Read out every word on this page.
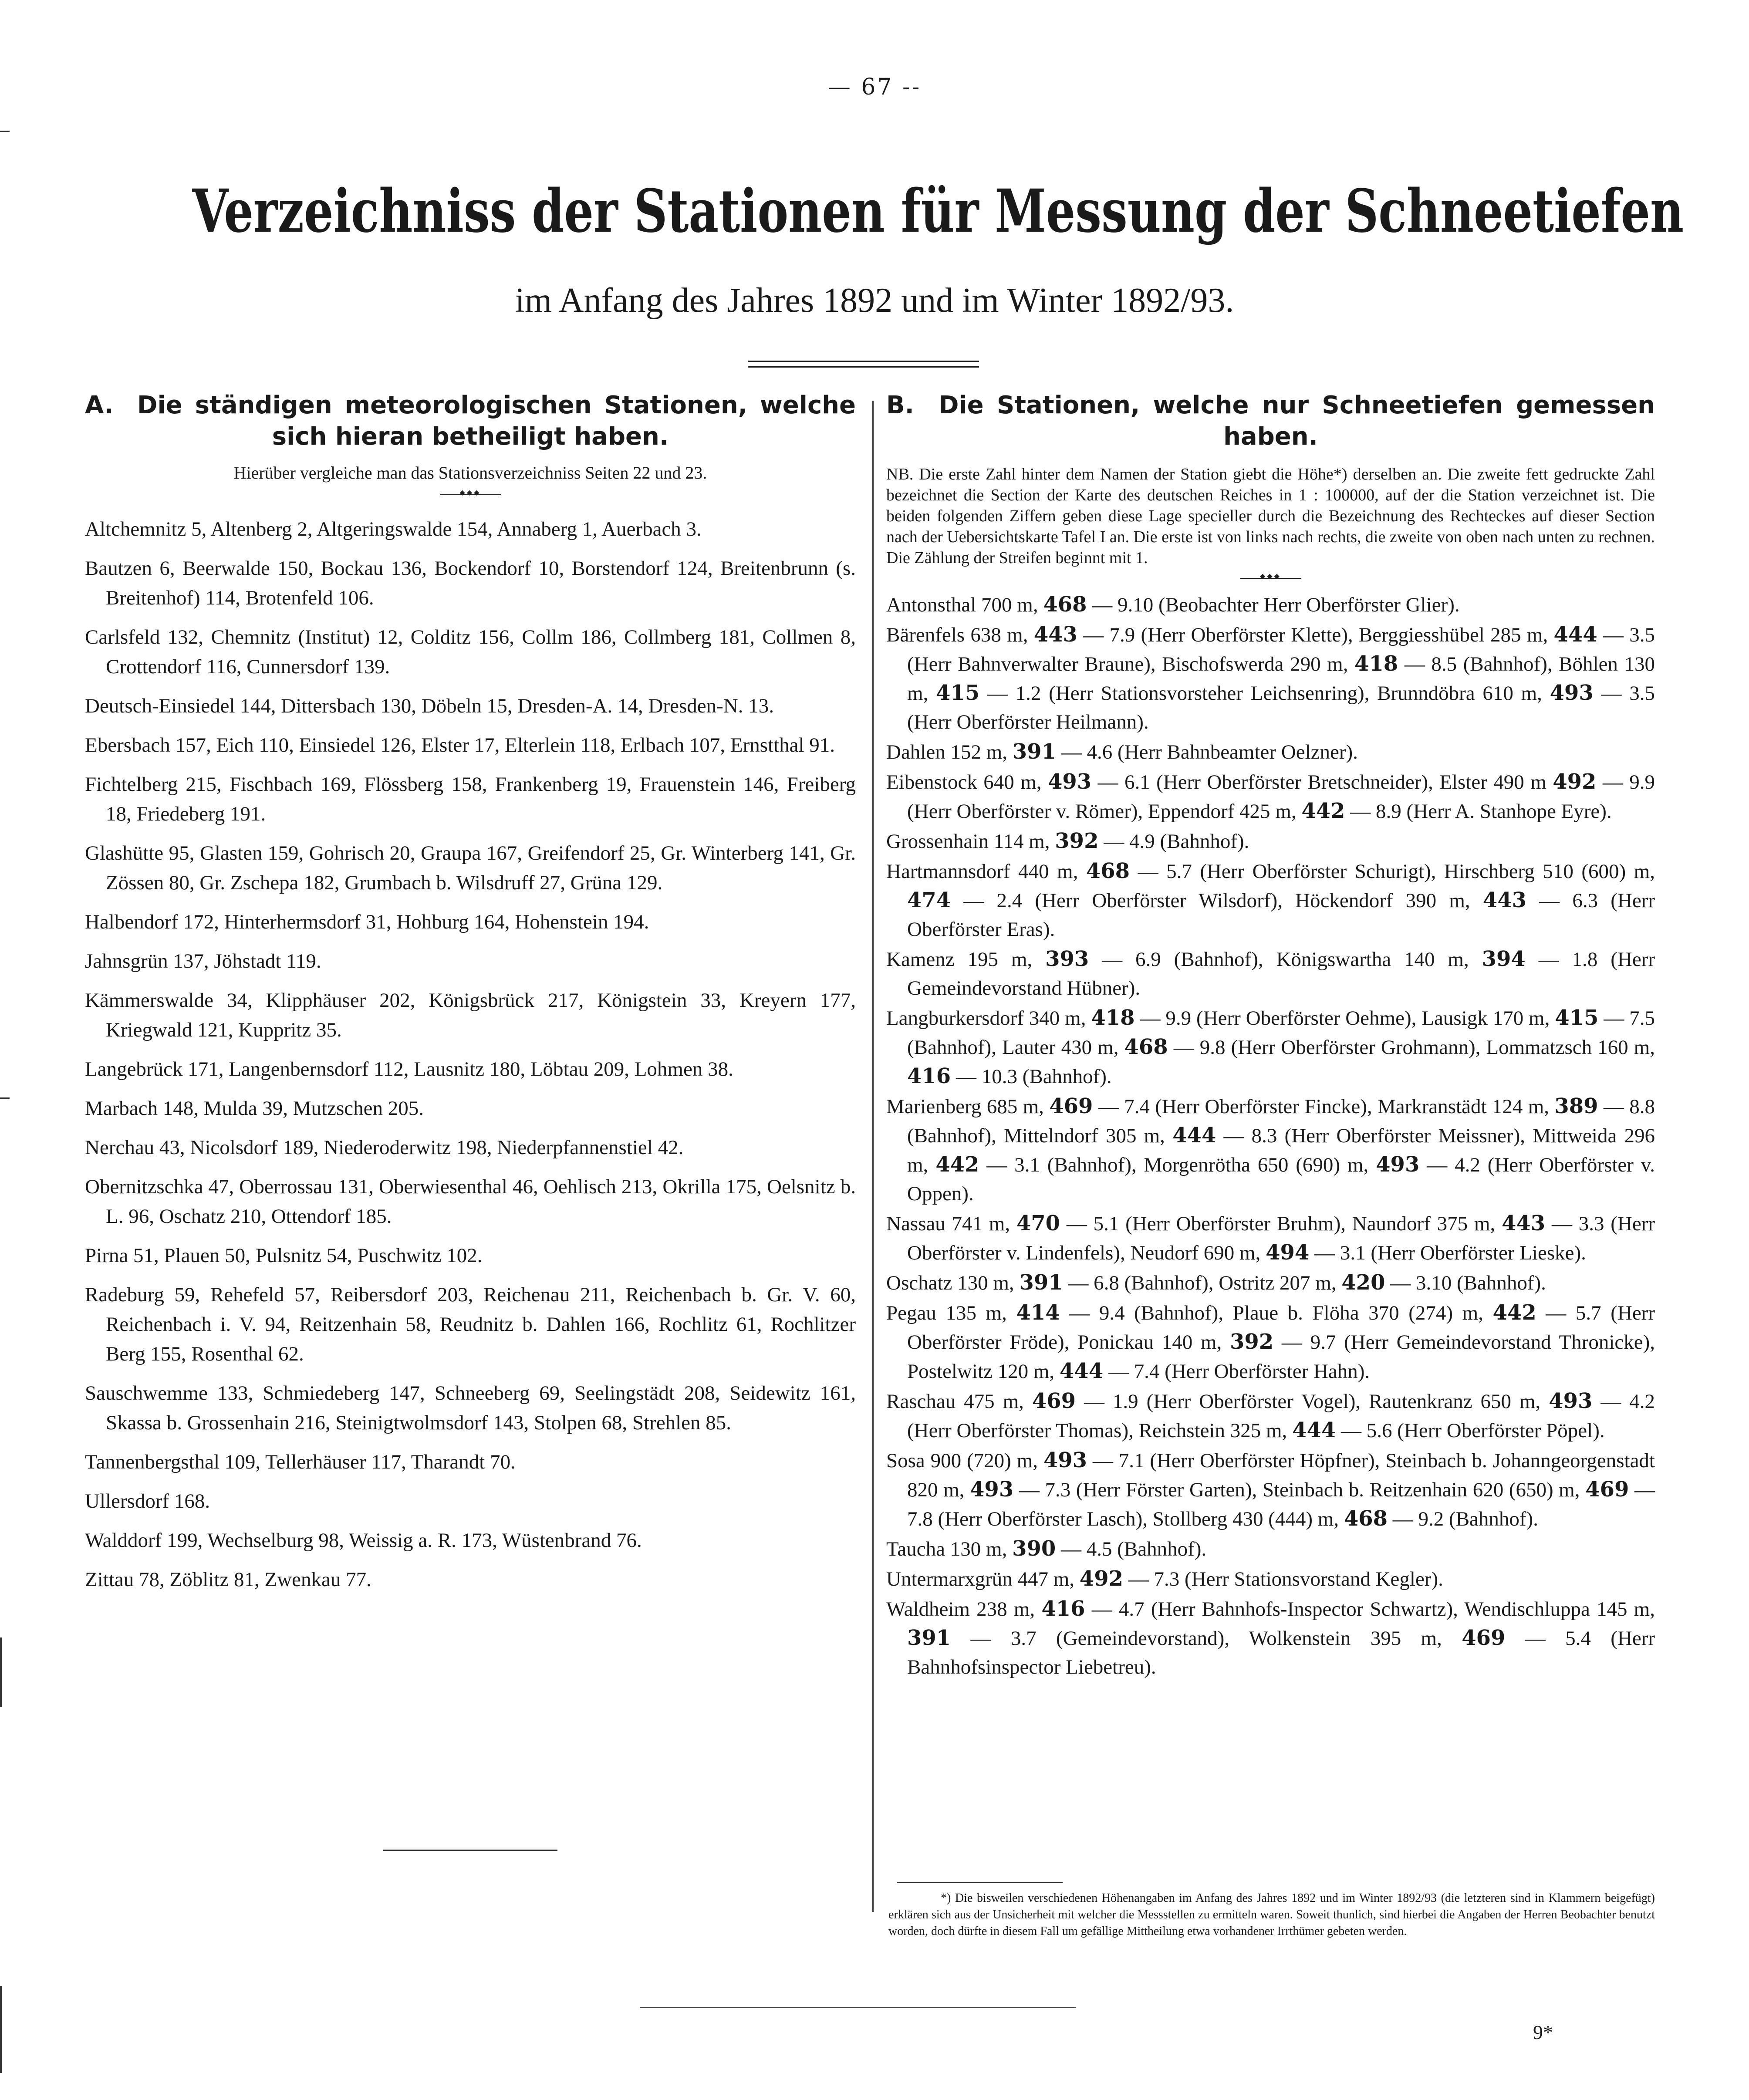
— 67 --
Verzeichniss der Stationen für Messung der Schneetiefen
im Anfang des Jahres 1892 und im Winter 1892/93.
A. Die ständigen meteorologischen Stationen, welche
sich hieran betheiligt haben.
Hierüber vergleiche man das Stationsverzeichniss Seiten 22 und 23.
◆◆◆

Altchemnitz 5, Altenberg 2, Altgeringswalde 154, Annaberg 1, Auerbach 3.

Bautzen 6, Beerwalde 150, Bockau 136, Bockendorf 10, Borstendorf 124, Breitenbrunn (s. Breitenhof) 114, Brotenfeld 106.

Carlsfeld 132, Chemnitz (Institut) 12, Colditz 156, Collm 186, Collmberg 181, Collmen 8, Crottendorf 116, Cunnersdorf 139.

Deutsch-Einsiedel 144, Dittersbach 130, Döbeln 15, Dresden-A. 14, Dresden-N. 13.

Ebersbach 157, Eich 110, Einsiedel 126, Elster 17, Elterlein 118, Erlbach 107, Ernstthal 91.

Fichtelberg 215, Fischbach 169, Flössberg 158, Frankenberg 19, Frauenstein 146, Freiberg 18, Friedeberg 191.

Glashütte 95, Glasten 159, Gohrisch 20, Graupa 167, Greifendorf 25, Gr. Winterberg 141, Gr. Zössen 80, Gr. Zschepa 182, Grumbach b. Wilsdruff 27, Grüna 129.

Halbendorf 172, Hinterhermsdorf 31, Hohburg 164, Hohenstein 194.

Jahnsgrün 137, Jöhstadt 119.

Kämmerswalde 34, Klipphäuser 202, Königsbrück 217, Königstein 33, Kreyern 177, Kriegwald 121, Kuppritz 35.

Langebrück 171, Langenbernsdorf 112, Lausnitz 180, Löbtau 209, Lohmen 38.

Marbach 148, Mulda 39, Mutzschen 205.

Nerchau 43, Nicolsdorf 189, Niederoderwitz 198, Niederpfannenstiel 42.

Obernitzschka 47, Oberrossau 131, Oberwiesenthal 46, Oehlisch 213, Okrilla 175, Oelsnitz b. L. 96, Oschatz 210, Ottendorf 185.

Pirna 51, Plauen 50, Pulsnitz 54, Puschwitz 102.

Radeburg 59, Rehefeld 57, Reibersdorf 203, Reichenau 211, Reichenbach b. Gr. V. 60, Reichenbach i. V. 94, Reitzenhain 58, Reudnitz b. Dahlen 166, Rochlitz 61, Rochlitzer Berg 155, Rosenthal 62.

Sauschwemme 133, Schmiedeberg 147, Schneeberg 69, Seelingstädt 208, Seidewitz 161, Skassa b. Grossenhain 216, Steinigtwolmsdorf 143, Stolpen 68, Strehlen 85.

Tannenbergsthal 109, Tellerhäuser 117, Tharandt 70.

Ullersdorf 168.

Walddorf 199, Wechselburg 98, Weissig a. R. 173, Wüstenbrand 76.

Zittau 78, Zöblitz 81, Zwenkau 77.

B. Die Stationen, welche nur Schneetiefen gemessen
haben.
NB. Die erste Zahl hinter dem Namen der Station giebt die Höhe*) derselben an. Die zweite fett gedruckte Zahl bezeichnet die Section der Karte des deutschen Reiches in 1 : 100000, auf der die Station verzeichnet ist. Die beiden folgenden Ziffern geben diese Lage specieller durch die Bezeichnung des Rechteckes auf dieser Section nach der Uebersichtskarte Tafel I an. Die erste ist von links nach rechts, die zweite von oben nach unten zu rechnen. Die Zählung der Streifen beginnt mit 1.
◆◆◆

Antonsthal 700 m, 468 — 9.10 (Beobachter Herr Oberförster Glier).

Bärenfels 638 m, 443 — 7.9 (Herr Oberförster Klette), Berggiesshübel 285 m, 444 — 3.5 (Herr Bahnverwalter Braune), Bischofswerda 290 m, 418 — 8.5 (Bahnhof), Böhlen 130 m, 415 — 1.2 (Herr Stationsvorsteher Leichsenring), Brunndöbra 610 m, 493 — 3.5 (Herr Oberförster Heilmann).

Dahlen 152 m, 391 — 4.6 (Herr Bahnbeamter Oelzner).

Eibenstock 640 m, 493 — 6.1 (Herr Oberförster Bretschneider), Elster 490 m 492 — 9.9 (Herr Oberförster v. Römer), Eppendorf 425 m, 442 — 8.9 (Herr A. Stanhope Eyre).

Grossenhain 114 m, 392 — 4.9 (Bahnhof).

Hartmannsdorf 440 m, 468 — 5.7 (Herr Oberförster Schurigt), Hirschberg 510 (600) m, 474 — 2.4 (Herr Oberförster Wilsdorf), Höckendorf 390 m, 443 — 6.3 (Herr Oberförster Eras).

Kamenz 195 m, 393 — 6.9 (Bahnhof), Königswartha 140 m, 394 — 1.8 (Herr Gemeindevorstand Hübner).

Langburkersdorf 340 m, 418 — 9.9 (Herr Oberförster Oehme), Lausigk 170 m, 415 — 7.5 (Bahnhof), Lauter 430 m, 468 — 9.8 (Herr Oberförster Grohmann), Lommatzsch 160 m, 416 — 10.3 (Bahnhof).

Marienberg 685 m, 469 — 7.4 (Herr Oberförster Fincke), Markranstädt 124 m, 389 — 8.8 (Bahnhof), Mittelndorf 305 m, 444 — 8.3 (Herr Oberförster Meissner), Mittweida 296 m, 442 — 3.1 (Bahnhof), Morgenrötha 650 (690) m, 493 — 4.2 (Herr Oberförster v. Oppen).

Nassau 741 m, 470 — 5.1 (Herr Oberförster Bruhm), Naundorf 375 m, 443 — 3.3 (Herr Oberförster v. Lindenfels), Neudorf 690 m, 494 — 3.1 (Herr Oberförster Lieske).

Oschatz 130 m, 391 — 6.8 (Bahnhof), Ostritz 207 m, 420 — 3.10 (Bahnhof).

Pegau 135 m, 414 — 9.4 (Bahnhof), Plaue b. Flöha 370 (274) m, 442 — 5.7 (Herr Oberförster Fröde), Ponickau 140 m, 392 — 9.7 (Herr Gemeindevorstand Thronicke), Postelwitz 120 m, 444 — 7.4 (Herr Oberförster Hahn).

Raschau 475 m, 469 — 1.9 (Herr Oberförster Vogel), Rautenkranz 650 m, 493 — 4.2 (Herr Oberförster Thomas), Reichstein 325 m, 444 — 5.6 (Herr Oberförster Pöpel).

Sosa 900 (720) m, 493 — 7.1 (Herr Oberförster Höpfner), Steinbach b. Johanngeorgenstadt 820 m, 493 — 7.3 (Herr Förster Garten), Steinbach b. Reitzenhain 620 (650) m, 469 — 7.8 (Herr Oberförster Lasch), Stollberg 430 (444) m, 468 — 9.2 (Bahnhof).

Taucha 130 m, 390 — 4.5 (Bahnhof).

Untermarxgrün 447 m, 492 — 7.3 (Herr Stationsvorstand Kegler).

Waldheim 238 m, 416 — 4.7 (Herr Bahnhofs-Inspector Schwartz), Wendischluppa 145 m, 391 — 3.7 (Gemeindevorstand), Wolkenstein 395 m, 469 — 5.4 (Herr Bahnhofsinspector Liebetreu).

*) Die bisweilen verschiedenen Höhenangaben im Anfang des Jahres 1892 und im Winter 1892/93 (die letzteren sind in Klammern beigefügt) erklären sich aus der Unsicherheit mit welcher die Messstellen zu ermitteln waren. Soweit thunlich, sind hierbei die Angaben der Herren Beobachter benutzt worden, doch dürfte in diesem Fall um gefällige Mittheilung etwa vorhandener Irrthümer gebeten werden.
9*
